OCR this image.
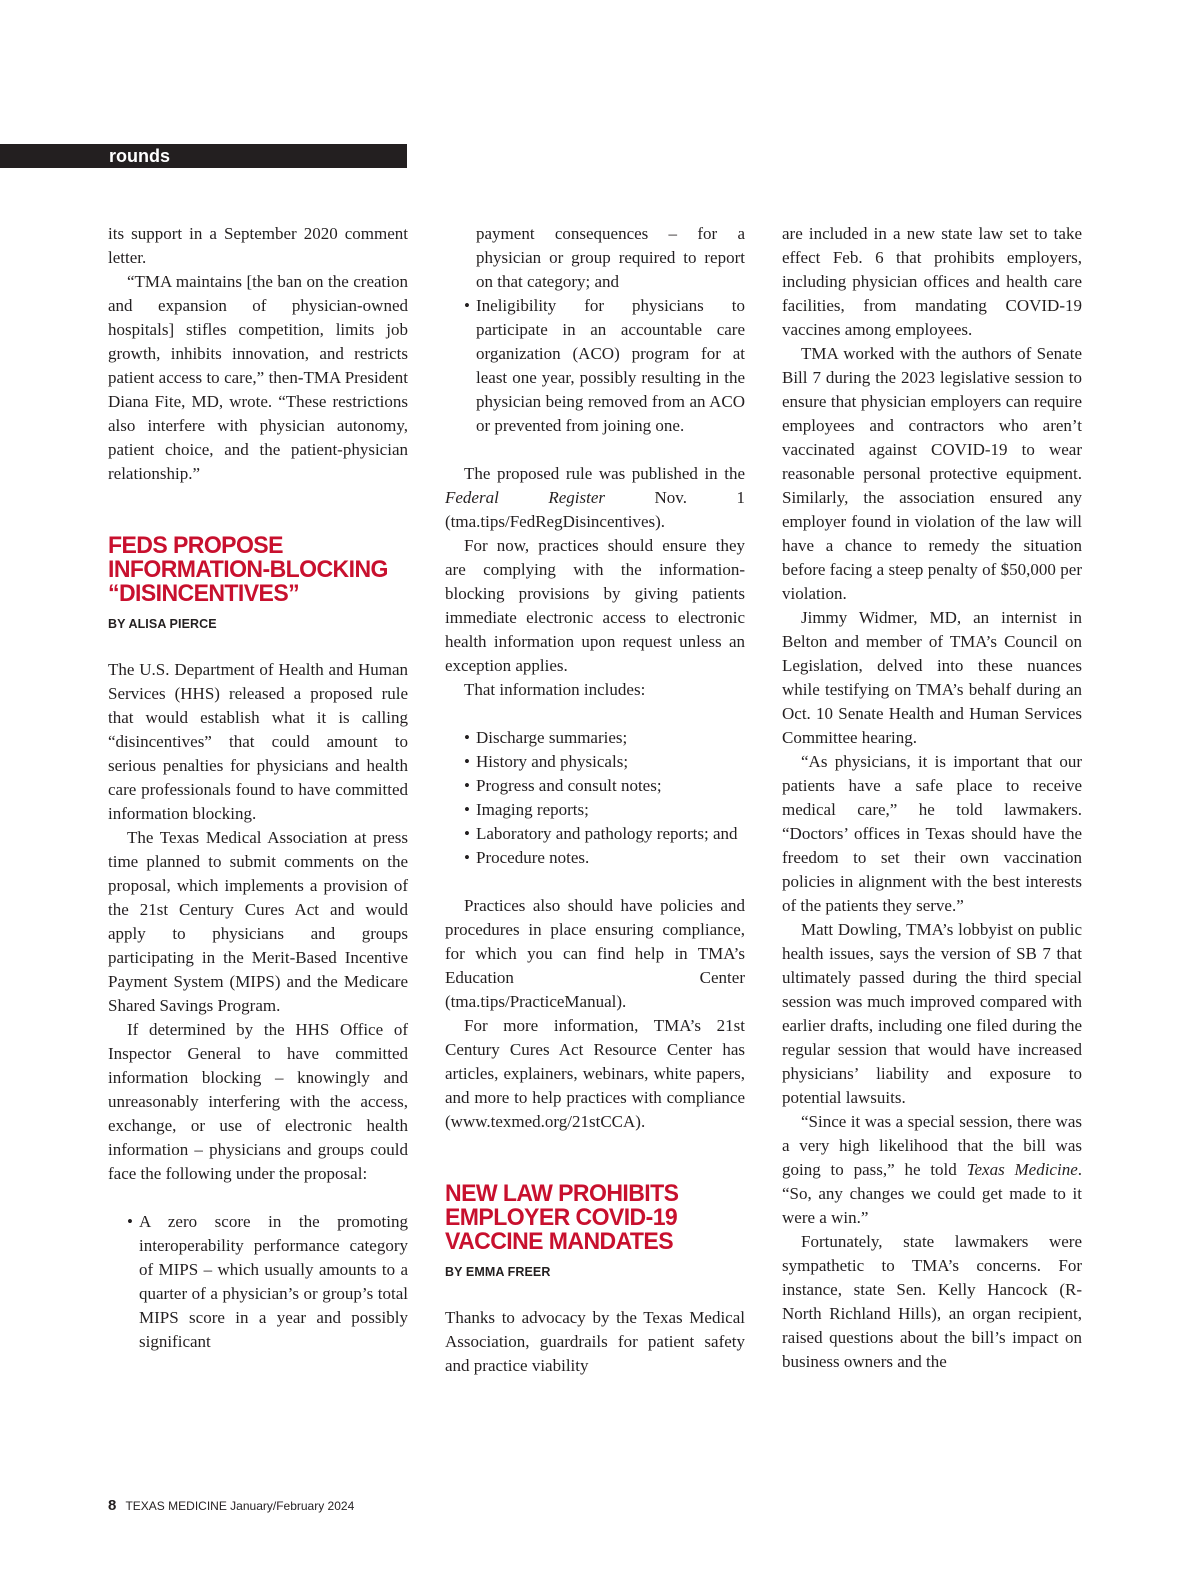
rounds

its support in a September 2020 comment letter.

“TMA maintains [the ban on the creation and expansion of physician-owned hospitals] stifles competition, limits job growth, inhibits innovation, and restricts patient access to care,” then-TMA President Diana Fite, MD, wrote. “These restrictions also interfere with physician autonomy, patient choice, and the patient-physician relationship.”

FEDS PROPOSE INFORMATION-BLOCKING “DISINCENTIVES”
BY ALISA PIERCE

The U.S. Department of Health and Human Services (HHS) released a proposed rule that would establish what it is calling “disincentives” that could amount to serious penalties for physicians and health care professionals found to have committed information blocking.

The Texas Medical Association at press time planned to submit comments on the proposal, which implements a provision of the 21st Century Cures Act and would apply to physicians and groups participating in the Merit-Based Incentive Payment System (MIPS) and the Medicare Shared Savings Program.

If determined by the HHS Office of Inspector General to have committed information blocking – knowingly and unreasonably interfering with the access, exchange, or use of electronic health information – physicians and groups could face the following under the proposal:

• A zero score in the promoting interoperability performance category of MIPS – which usually amounts to a quarter of a physician’s or group’s total MIPS score in a year and possibly significant

payment consequences – for a physician or group required to report on that category; and

• Ineligibility for physicians to participate in an accountable care organization (ACO) program for at least one year, possibly resulting in the physician being removed from an ACO or prevented from joining one.

The proposed rule was published in the Federal Register	Nov. 1 (tma.tips/FedRegDisincentives).

For now, practices should ensure they are complying with the information-blocking provisions by giving patients immediate electronic access to electronic health information upon request unless an exception applies.

That information includes:

• Discharge summaries;
• History and physicals;
• Progress and consult notes;
• Imaging reports;
• Laboratory and pathology reports; and
• Procedure notes.

Practices also should have policies and procedures in place ensuring compliance, for which you can find help in TMA’s Education Center (tma.tips/PracticeManual).

For more information, TMA’s 21st Century Cures Act Resource Center has articles, explainers, webinars, white papers, and more to help practices with compliance (www.texmed.org/21stCCA).

NEW LAW PROHIBITS EMPLOYER COVID-19 VACCINE MANDATES
BY EMMA FREER

Thanks to advocacy by the Texas Medical Association, guardrails for patient safety and practice viability

are included in a new state law set to take effect Feb. 6 that prohibits employers, including physician offices and health care facilities, from mandating COVID-19 vaccines among employees.

TMA worked with the authors of Senate Bill 7 during the 2023 legislative session to ensure that physician employers can require employees and contractors who aren’t vaccinated against COVID-19 to wear reasonable personal protective equipment. Similarly, the association ensured any employer found in violation of the law will have a chance to remedy the situation before facing a steep penalty of $50,000 per violation.

Jimmy Widmer, MD, an internist in Belton and member of TMA’s Council on Legislation, delved into these nuances while testifying on TMA’s behalf during an Oct. 10 Senate Health and Human Services Committee hearing.

“As physicians, it is important that our patients have a safe place to receive medical care,” he told lawmakers. “Doctors’ offices in Texas should have the freedom to set their own vaccination policies in alignment with the best interests of the patients they serve.”

Matt Dowling, TMA’s lobbyist on public health issues, says the version of SB 7 that ultimately passed during the third special session was much improved compared with earlier drafts, including one filed during the regular session that would have increased physicians’ liability and exposure to potential lawsuits.

“Since it was a special session, there was a very high likelihood that the bill was going to pass,” he told Texas Medicine. “So, any changes we could get made to it were a win.”

Fortunately, state lawmakers were sympathetic to TMA’s concerns. For instance, state Sen. Kelly Hancock (R-North Richland Hills), an organ recipient, raised questions about the bill’s impact on business owners and the

8 TEXAS MEDICINE January/February 2024
